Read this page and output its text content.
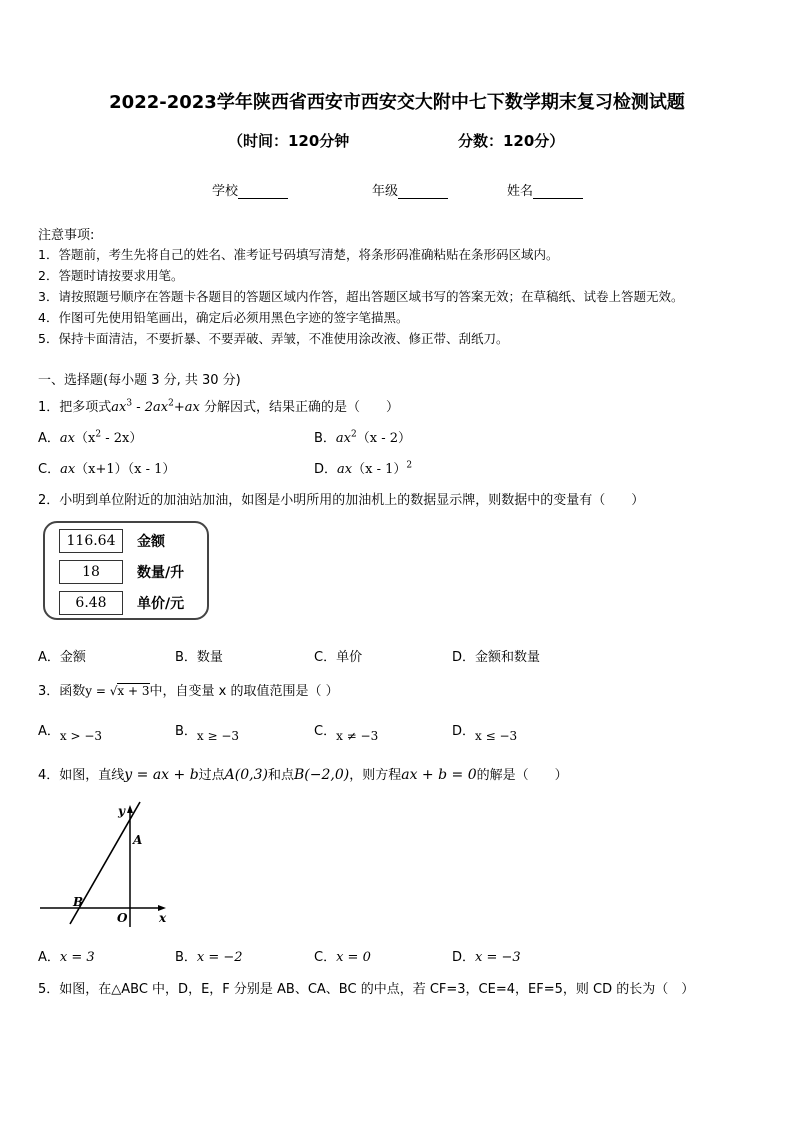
2022-2023学年陕西省西安市西安交大附中七下数学期末复习检测试题
（时间：120分钟	分数：120分）
学校	年级	姓名
注意事项:
1．答题前，考生先将自己的姓名、准考证号码填写清楚，将条形码准确粘贴在条形码区域内。
2．答题时请按要求用笔。
3．请按照题号顺序在答题卡各题目的答题区域内作答，超出答题区域书写的答案无效；在草稿纸、试卷上答题无效。
4．作图可先使用铅笔画出，确定后必须用黑色字迹的签字笔描黑。
5．保持卡面清洁，不要折暴、不要弄破、弄皱，不准使用涂改液、修正带、刮纸刀。
一、选择题(每小题 3 分, 共 30 分)
1．把多项式$ax^3 - 2ax^2+ax$ 分解因式，结果正确的是（　　）
A．$ax(x^2 - 2x)$	B．$ax^2(x - 2)$
C．ax（x+1）（x - 1）	D．ax（x - 1）$^2$
2．小明到单位附近的加油站加油，如图是小明所用的加油机上的数据显示牌，则数据中的变量有（　　）
116.64	金额
18	数量/升
6.48	单价/元
A．金额	B．数量	C．单价	D．金额和数量
3．函数y = √x + 3中，自变量 x 的取值范围是（ ）
A．x > −3	B．x ≥ −3	C．x ≠ −3	D．x ≤ −3
4．如图，直线y = ax + b过点A(0,3)和点B(−2,0)，则方程ax + b = 0的解是（　　）
y
A
B
O	x
A．x = 3	B．x = −2	C．x = 0	D．x = −3
5．如图，在△ABC 中，D，E，F 分别是 AB、CA、BC 的中点，若 CF=3，CE=4，EF=5，则 CD 的长为（　）
